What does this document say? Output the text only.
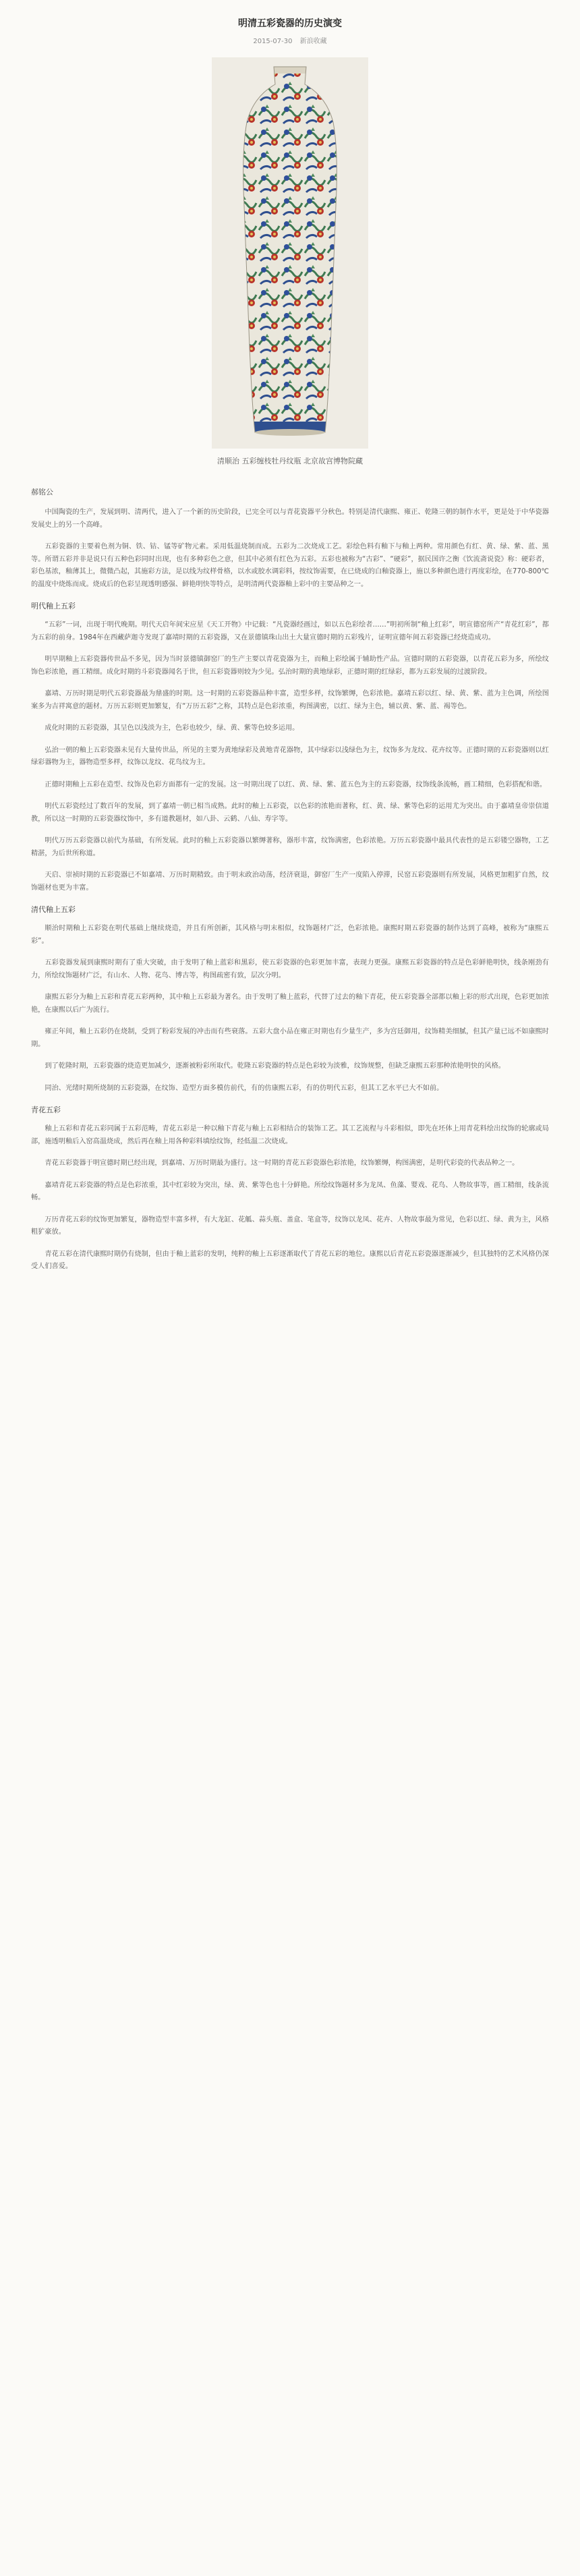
明清五彩瓷器的历史演变
2015-07-30 新浪收藏
清顺治 五彩缠枝牡丹纹瓶 北京故宫博物院藏
郝铭公
中国陶瓷的生产，发展到明、清两代，进入了一个新的历史阶段，已完全可以与青花瓷器平分秋色。特别是清代康熙、雍正、乾隆三朝的制作水平，更是处于中华瓷器发展史上的另一个高峰。
五彩瓷器的主要着色剂为铜、铁、钴、锰等矿物元素。采用低温烧制而成。五彩为二次烧成工艺。彩绘色料有釉下与釉上两种。常用颜色有红、黄、绿、紫、蓝、黑等。所谓五彩并非是说只有五种色彩同时出现，也有多种彩色之意，但其中必须有红色为五彩。五彩也被称为“古彩”、“硬彩”，据民国许之衡《饮流斋说瓷》称：硬彩者，彩色基浓，釉薄其上，微微凸起，其施彩方法，是以线为纹样骨格，以水或胶水调彩料，按纹饰需要，在已烧成的白釉瓷器上，施以多种颜色进行再度彩绘，在770-800℃的温度中烧炼而成。烧成后的色彩呈现透明感强、鲜艳明快等特点，是明清两代瓷器釉上彩中的主要品种之一。
明代釉上五彩
“五彩”一词，出现于明代晚期。明代天启年间宋应星《天工开物》中记载：“凡瓷器经画过，如以五色彩绘者……”明初所制“釉上红彩”，明宣德窑所产“青花红彩”，都为五彩的前身。1984年在西藏萨迦寺发现了嘉靖时期的五彩瓷器，又在景德镇珠山出土大量宣德时期的五彩残片，证明宣德年间五彩瓷器已经烧造成功。
明早期釉上五彩瓷器传世品不多见，因为当时景德镇御窑厂的生产主要以青花瓷器为主，而釉上彩绘属于辅助性产品。宣德时期的五彩瓷器，以青花五彩为多，所绘纹饰色彩浓艳，画工精细。成化时期的斗彩瓷器闻名于世，但五彩瓷器则较为少见。弘治时期的黄地绿彩，正德时期的红绿彩，都为五彩发展的过渡阶段。
嘉靖、万历时期是明代五彩瓷器最为鼎盛的时期。这一时期的五彩瓷器品种丰富，造型多样，纹饰繁缛，色彩浓艳。嘉靖五彩以红、绿、黄、紫、蓝为主色调，所绘图案多为吉祥寓意的题材。万历五彩则更加繁复，有“万历五彩”之称，其特点是色彩浓重，构图满密，以红、绿为主色，辅以黄、紫、蓝、褐等色。
成化时期的五彩瓷器，其呈色以浅淡为主，色彩也较少，绿、黄、紫等色较多运用。
弘治一朝的釉上五彩瓷器未见有大量传世品，所见的主要为黄地绿彩及黄地青花器物，其中绿彩以浅绿色为主，纹饰多为龙纹、花卉纹等。正德时期的五彩瓷器则以红绿彩器物为主，器物造型多样，纹饰以龙纹、花鸟纹为主。
正德时期釉上五彩在造型、纹饰及色彩方面都有一定的发展。这一时期出现了以红、黄、绿、紫、蓝五色为主的五彩瓷器，纹饰线条流畅，画工精细，色彩搭配和谐。
明代五彩瓷经过了数百年的发展，到了嘉靖一朝已相当成熟。此时的釉上五彩瓷，以色彩的浓艳而著称，红、黄、绿、紫等色彩的运用尤为突出。由于嘉靖皇帝崇信道教，所以这一时期的五彩瓷器纹饰中，多有道教题材，如八卦、云鹤、八仙、寿字等。
明代万历五彩瓷器以前代为基础，有所发展。此时的釉上五彩瓷器以繁缛著称，器形丰富，纹饰满密，色彩浓艳。万历五彩瓷器中最具代表性的是五彩镂空器物，工艺精湛，为后世所称道。
天启、崇祯时期的五彩瓷器已不如嘉靖、万历时期精致。由于明末政治动荡，经济衰退，御窑厂生产一度陷入停滞，民窑五彩瓷器则有所发展，风格更加粗犷自然，纹饰题材也更为丰富。
清代釉上五彩
顺治时期釉上五彩瓷在明代基础上继续烧造，并且有所创新，其风格与明末相似，纹饰题材广泛，色彩浓艳。康熙时期五彩瓷器的制作达到了高峰，被称为“康熙五彩”。
五彩瓷器发展到康熙时期有了重大突破，由于发明了釉上蓝彩和黑彩，使五彩瓷器的色彩更加丰富，表现力更强。康熙五彩瓷器的特点是色彩鲜艳明快，线条刚劲有力，所绘纹饰题材广泛，有山水、人物、花鸟、博古等，构图疏密有致，层次分明。
康熙五彩分为釉上五彩和青花五彩两种，其中釉上五彩最为著名。由于发明了釉上蓝彩，代替了过去的釉下青花，使五彩瓷器全部都以釉上彩的形式出现，色彩更加浓艳，在康熙以后广为流行。
雍正年间，釉上五彩仍在烧制，受到了粉彩发展的冲击而有些衰落。五彩大盘小品在雍正时期也有少量生产，多为宫廷御用，纹饰精美细腻，但其产量已远不如康熙时期。
到了乾隆时期，五彩瓷器的烧造更加减少，逐渐被粉彩所取代。乾隆五彩瓷器的特点是色彩较为淡雅，纹饰规整，但缺乏康熙五彩那种浓艳明快的风格。
同治、光绪时期所烧制的五彩瓷器，在纹饰、造型方面多模仿前代，有的仿康熙五彩，有的仿明代五彩，但其工艺水平已大不如前。
青花五彩
釉上五彩和青花五彩同属于五彩范畴，青花五彩是一种以釉下青花与釉上五彩相结合的装饰工艺。其工艺流程与斗彩相似，即先在坯体上用青花料绘出纹饰的轮廓或局部，施透明釉后入窑高温烧成，然后再在釉上用各种彩料填绘纹饰，经低温二次烧成。
青花五彩瓷器于明宣德时期已经出现，到嘉靖、万历时期最为盛行。这一时期的青花五彩瓷器色彩浓艳，纹饰繁缛，构图满密，是明代彩瓷的代表品种之一。
嘉靖青花五彩瓷器的特点是色彩浓重，其中红彩较为突出，绿、黄、紫等色也十分鲜艳。所绘纹饰题材多为龙凤、鱼藻、婴戏、花鸟、人物故事等，画工精细，线条流畅。
万历青花五彩的纹饰更加繁复，器物造型丰富多样，有大龙缸、花觚、蒜头瓶、盖盒、笔盒等，纹饰以龙凤、花卉、人物故事最为常见，色彩以红、绿、黄为主，风格粗犷豪放。
青花五彩在清代康熙时期仍有烧制，但由于釉上蓝彩的发明，纯粹的釉上五彩逐渐取代了青花五彩的地位。康熙以后青花五彩瓷器逐渐减少，但其独特的艺术风格仍深受人们喜爱。
